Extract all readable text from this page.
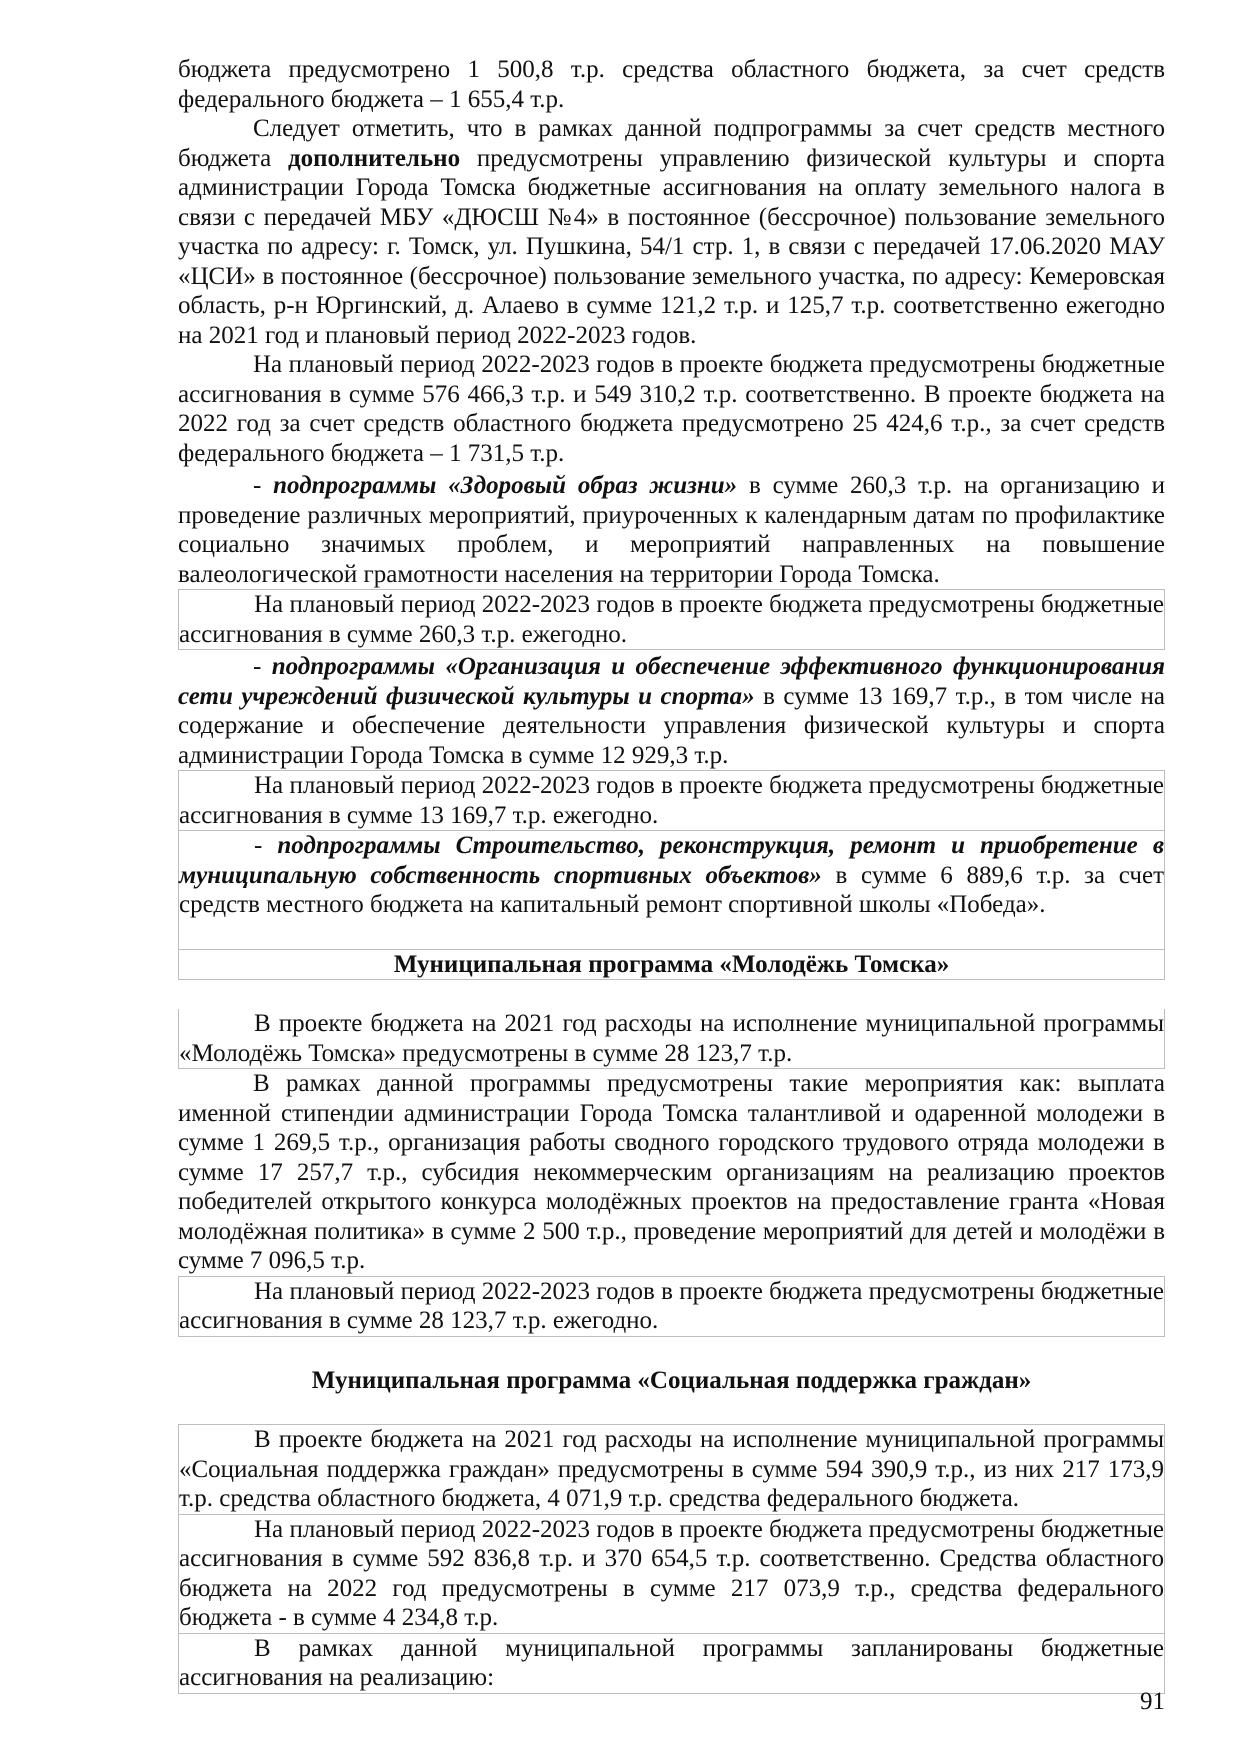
бюджета предусмотрено 1 500,8 т.р. средства областного бюджета, за счет средств федерального бюджета – 1 655,4 т.р.

Следует отметить, что в рамках данной подпрограммы за счет средств местного бюджета дополнительно предусмотрены управлению физической культуры и спорта администрации Города Томска бюджетные ассигнования на оплату земельного налога в связи с передачей МБУ «ДЮСШ №4» в постоянное (бессрочное) пользование земельного участка по адресу: г. Томск, ул. Пушкина, 54/1 стр. 1, в связи с передачей 17.06.2020 МАУ «ЦСИ» в постоянное (бессрочное) пользование земельного участка, по адресу: Кемеровская область, р-н Юргинский, д. Алаево в сумме 121,2 т.р. и 125,7 т.р. соответственно ежегодно на 2021 год и плановый период 2022-2023 годов.

На плановый период 2022-2023 годов в проекте бюджета предусмотрены бюджетные ассигнования в сумме 576 466,3 т.р. и 549 310,2 т.р. соответственно. В проекте бюджета на 2022 год за счет средств областного бюджета предусмотрено 25 424,6 т.р., за счет средств федерального бюджета – 1 731,5 т.р.

- подпрограммы «Здоровый образ жизни» в сумме 260,3 т.р. на организацию и проведение различных мероприятий, приуроченных к календарным датам по профилактике социально значимых проблем, и мероприятий направленных на повышение валеологической грамотности населения на территории Города Томска.

На плановый период 2022-2023 годов в проекте бюджета предусмотрены бюджетные ассигнования в сумме 260,3 т.р. ежегодно.

- подпрограммы «Организация и обеспечение эффективного функционирования сети учреждений физической культуры и спорта» в сумме 13 169,7 т.р., в том числе на содержание и обеспечение деятельности управления физической культуры и спорта администрации Города Томска в сумме 12 929,3 т.р.

На плановый период 2022-2023 годов в проекте бюджета предусмотрены бюджетные ассигнования в сумме 13 169,7 т.р. ежегодно.

- подпрограммы Строительство, реконструкция, ремонт и приобретение в муниципальную собственность спортивных объектов» в сумме 6 889,6 т.р. за счет средств местного бюджета на капитальный ремонт спортивной школы «Победа».

Муниципальная программа «Молодёжь Томска»

В проекте бюджета на 2021 год расходы на исполнение муниципальной программы «Молодёжь Томска» предусмотрены в сумме 28 123,7 т.р.

В рамках данной программы предусмотрены такие мероприятия как: выплата именной стипендии администрации Города Томска талантливой и одаренной молодежи в сумме 1 269,5 т.р., организация работы сводного городского трудового отряда молодежи в сумме 17 257,7 т.р., субсидия некоммерческим организациям на реализацию проектов победителей открытого конкурса молодёжных проектов на предоставление гранта «Новая молодёжная политика» в сумме 2 500 т.р., проведение мероприятий для детей и молодёжи в сумме 7 096,5 т.р.

На плановый период 2022-2023 годов в проекте бюджета предусмотрены бюджетные ассигнования в сумме 28 123,7 т.р. ежегодно.

Муниципальная программа «Социальная поддержка граждан»

В проекте бюджета на 2021 год расходы на исполнение муниципальной программы «Социальная поддержка граждан» предусмотрены в сумме 594 390,9 т.р., из них 217 173,9 т.р. средства областного бюджета, 4 071,9 т.р. средства федерального бюджета.

На плановый период 2022-2023 годов в проекте бюджета предусмотрены бюджетные ассигнования в сумме 592 836,8 т.р. и 370 654,5 т.р. соответственно. Средства областного бюджета на 2022 год предусмотрены в сумме 217 073,9 т.р., средства федерального бюджета - в сумме 4 234,8 т.р.

В рамках данной муниципальной программы запланированы бюджетные ассигнования на реализацию:

91
